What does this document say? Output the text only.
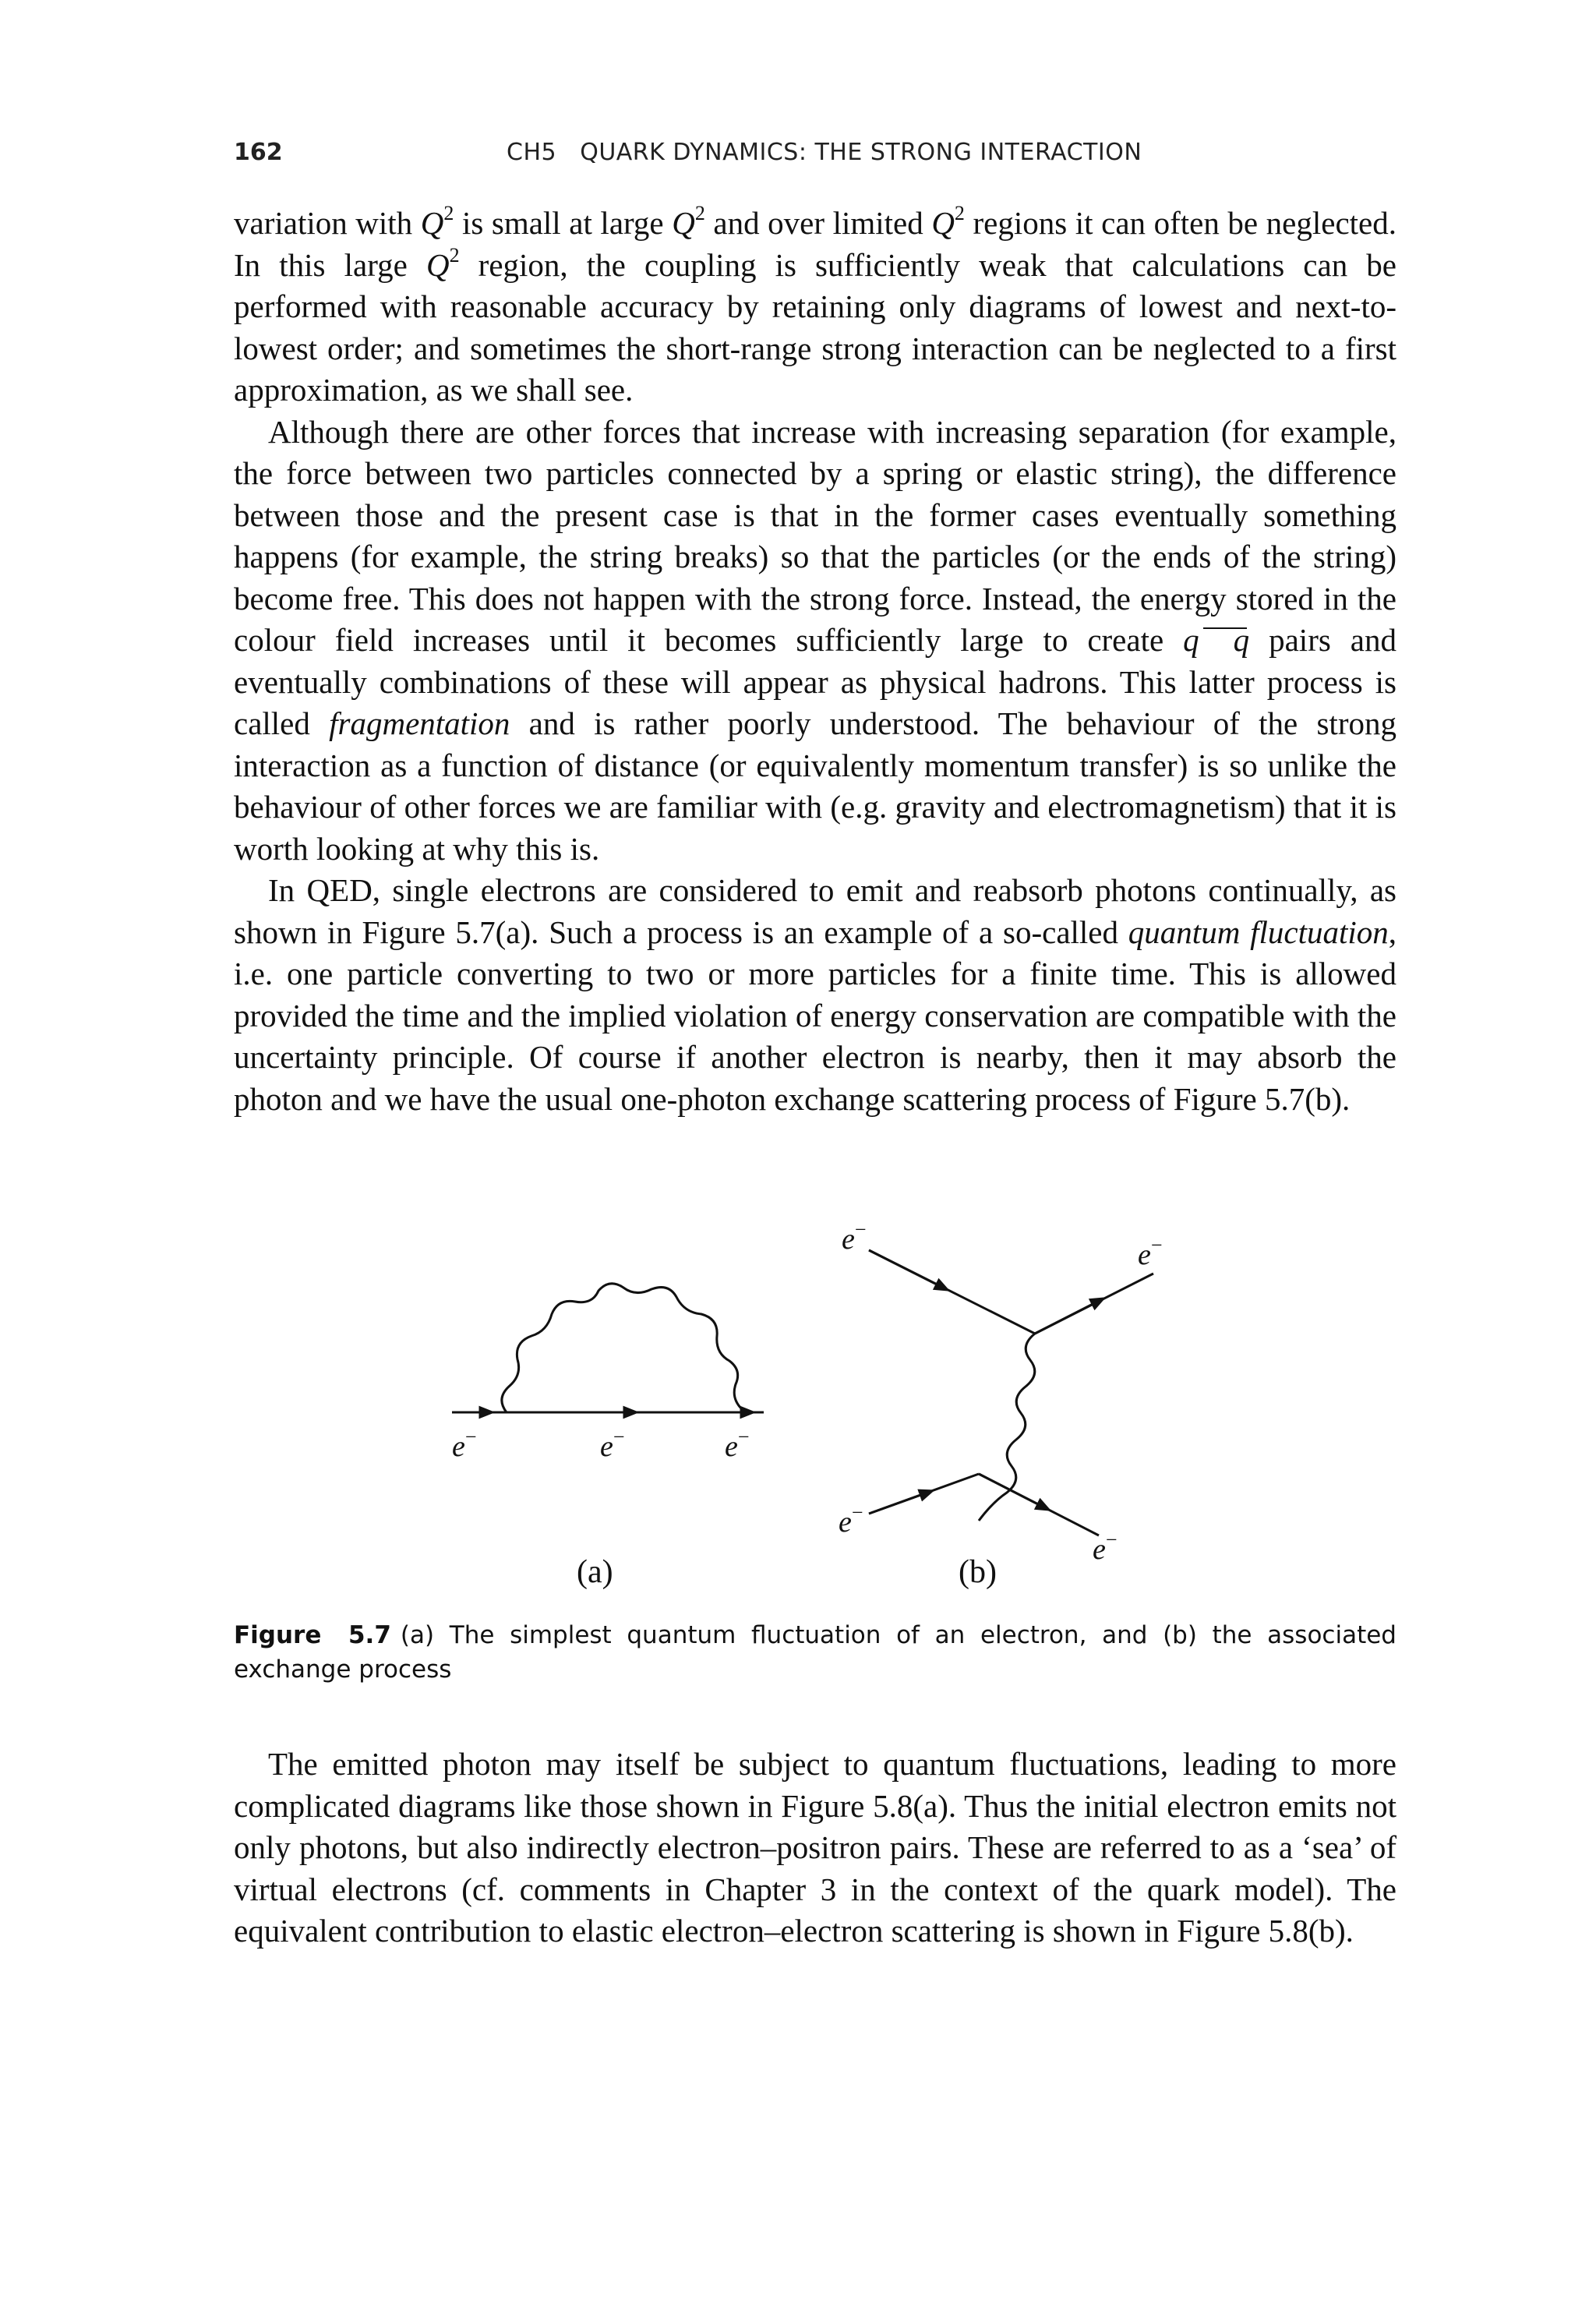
162	CH5   QUARK DYNAMICS: THE STRONG INTERACTION

variation with $Q^2$ is small at large $Q^2$ and over limited $Q^2$ regions it can often be neglected. In this large $Q^2$ region, the coupling is sufficiently weak that calculations can be performed with reasonable accuracy by retaining only diagrams of lowest and next-to-lowest order; and sometimes the short-range strong interaction can be neglected to a first approximation, as we shall see.

Although there are other forces that increase with increasing separation (for example, the force between two particles connected by a spring or elastic string), the difference between those and the present case is that in the former cases eventually something happens (for example, the string breaks) so that the particles (or the ends of the string) become free. This does not happen with the strong force. Instead, the energy stored in the colour field increases until it becomes sufficiently large to create q q pairs and eventually combinations of these will appear as physical hadrons. This latter process is called fragmentation and is rather poorly understood. The behaviour of the strong interaction as a function of distance (or equivalently momentum transfer) is so unlike the behaviour of other forces we are familiar with (e.g. gravity and electromagnetism) that it is worth looking at why this is.

In QED, single electrons are considered to emit and reabsorb photons continually, as shown in Figure 5.7(a). Such a process is an example of a so-called quantum fluctuation, i.e. one particle converting to two or more particles for a finite time. This is allowed provided the time and the implied violation of energy conservation are compatible with the uncertainty principle. Of course if another electron is nearby, then it may absorb the photon and we have the usual one-photon exchange scattering process of Figure 5.7(b).

e−	e−	e−
(a)
e−
e−
e−
e−
(b)
Figure 5.7 (a) The simplest quantum fluctuation of an electron, and (b) the associated exchange process

The emitted photon may itself be subject to quantum fluctuations, leading to more complicated diagrams like those shown in Figure 5.8(a). Thus the initial electron emits not only photons, but also indirectly electron–positron pairs. These are referred to as a ‘sea’ of virtual electrons (cf. comments in Chapter 3 in the context of the quark model). The equivalent contribution to elastic electron–electron scattering is shown in Figure 5.8(b).
